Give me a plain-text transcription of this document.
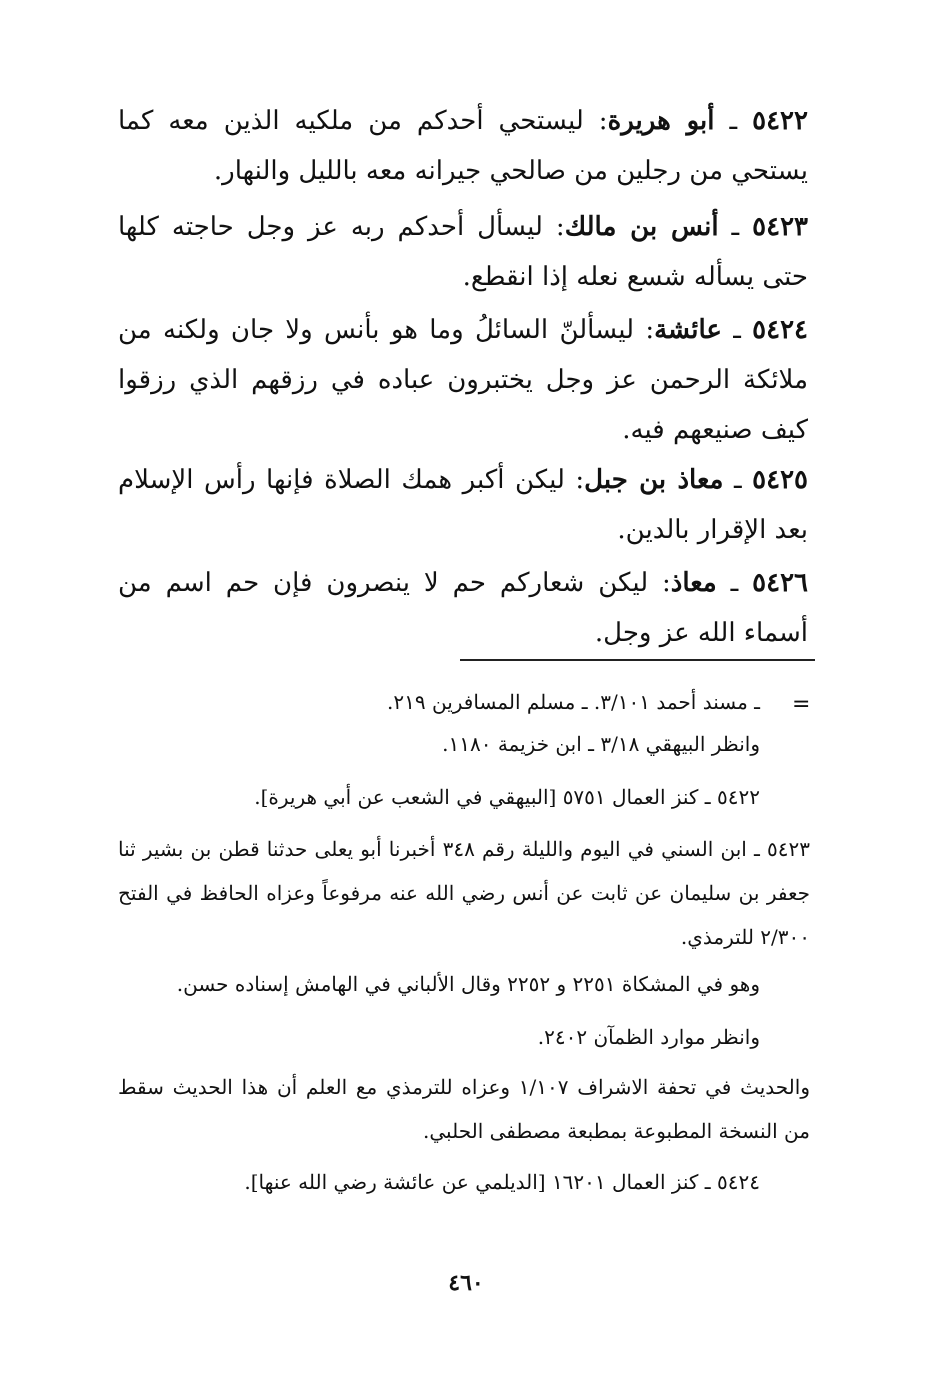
٥٤٢٢ ـ أبو هريرة: ليستحي أحدكم من ملكيه الذين معه كما يستحي من رجلين من صالحي جيرانه معه بالليل والنهار.

٥٤٢٣ ـ أنس بن مالك: ليسأل أحدكم ربه عز وجل حاجته كلها حتى يسأله شسع نعله إذا انقطع.

٥٤٢٤ ـ عائشة: ليسألنّ السائلُ وما هو بأنس ولا جان ولكنه من ملائكة الرحمن عز وجل يختبرون عباده في رزقهم الذي رزقوا كيف صنيعهم فيه.

٥٤٢٥ ـ معاذ بن جبل: ليكن أكبر همك الصلاة فإنها رأس الإسلام بعد الإقرار بالدين.

٥٤٢٦ ـ معاذ: ليكن شعاركم حم لا ينصرون فإن حم اسم من أسماء الله عز وجل.

=

ـ مسند أحمد ٣/١٠١. ـ مسلم المسافرين ٢١٩.

وانظر البيهقي ٣/١٨ ـ ابن خزيمة ١١٨٠.

٥٤٢٢ ـ كنز العمال ٥٧٥١ [البيهقي في الشعب عن أبي هريرة].

٥٤٢٣ ـ ابن السني في اليوم والليلة رقم ٣٤٨ أخبرنا أبو يعلى حدثنا قطن بن بشير ثنا جعفر بن سليمان عن ثابت عن أنس رضي الله عنه مرفوعاً وعزاه الحافظ في الفتح ٢/٣٠٠ للترمذي.

وهو في المشكاة ٢٢٥١ و ٢٢٥٢ وقال الألباني في الهامش إسناده حسن.

وانظر موارد الظمآن ٢٤٠٢.

والحديث في تحفة الاشراف ١/١٠٧ وعزاه للترمذي مع العلم أن هذا الحديث سقط من النسخة المطبوعة بمطبعة مصطفى الحلبي.

٥٤٢٤ ـ كنز العمال ١٦٢٠١ [الديلمي عن عائشة رضي الله عنها].

٤٦٠
